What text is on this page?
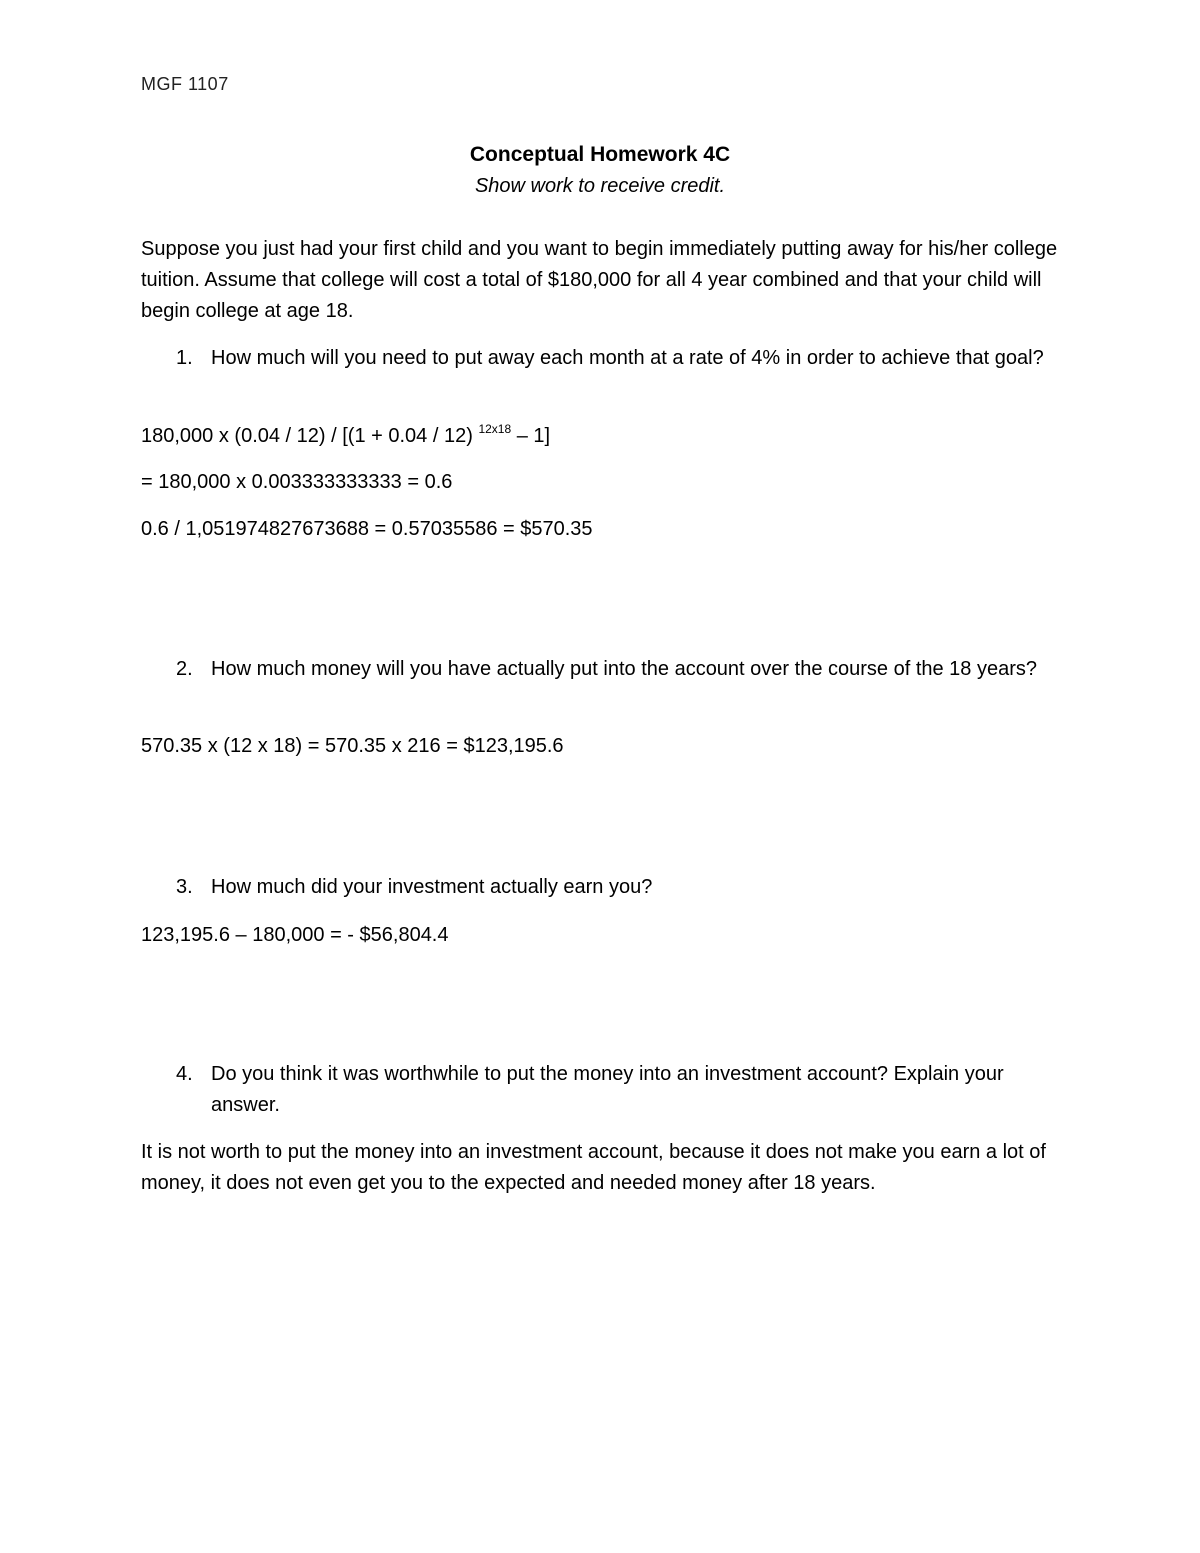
MGF 1107
Conceptual Homework 4C
Show work to receive credit.
Suppose you just had your first child and you want to begin immediately putting away for his/her college tuition. Assume that college will cost a total of $180,000 for all 4 year combined and that your child will begin college at age 18.
1. How much will you need to put away each month at a rate of 4% in order to achieve that goal?
180,000 x (0.04 / 12) / [(1 + 0.04 / 12) $^{12x18}$ – 1]
= 180,000 x 0.003333333333 = 0.6
0.6 / 1,051974827673688 = 0.57035586 = $570.35
2. How much money will you have actually put into the account over the course of the 18 years?
570.35 x (12 x 18) = 570.35 x 216 = $123,195.6
3. How much did your investment actually earn you?
123,195.6 – 180,000 = - $56,804.4
4. Do you think it was worthwhile to put the money into an investment account? Explain your answer.
It is not worth to put the money into an investment account, because it does not make you earn a lot of money, it does not even get you to the expected and needed money after 18 years.
